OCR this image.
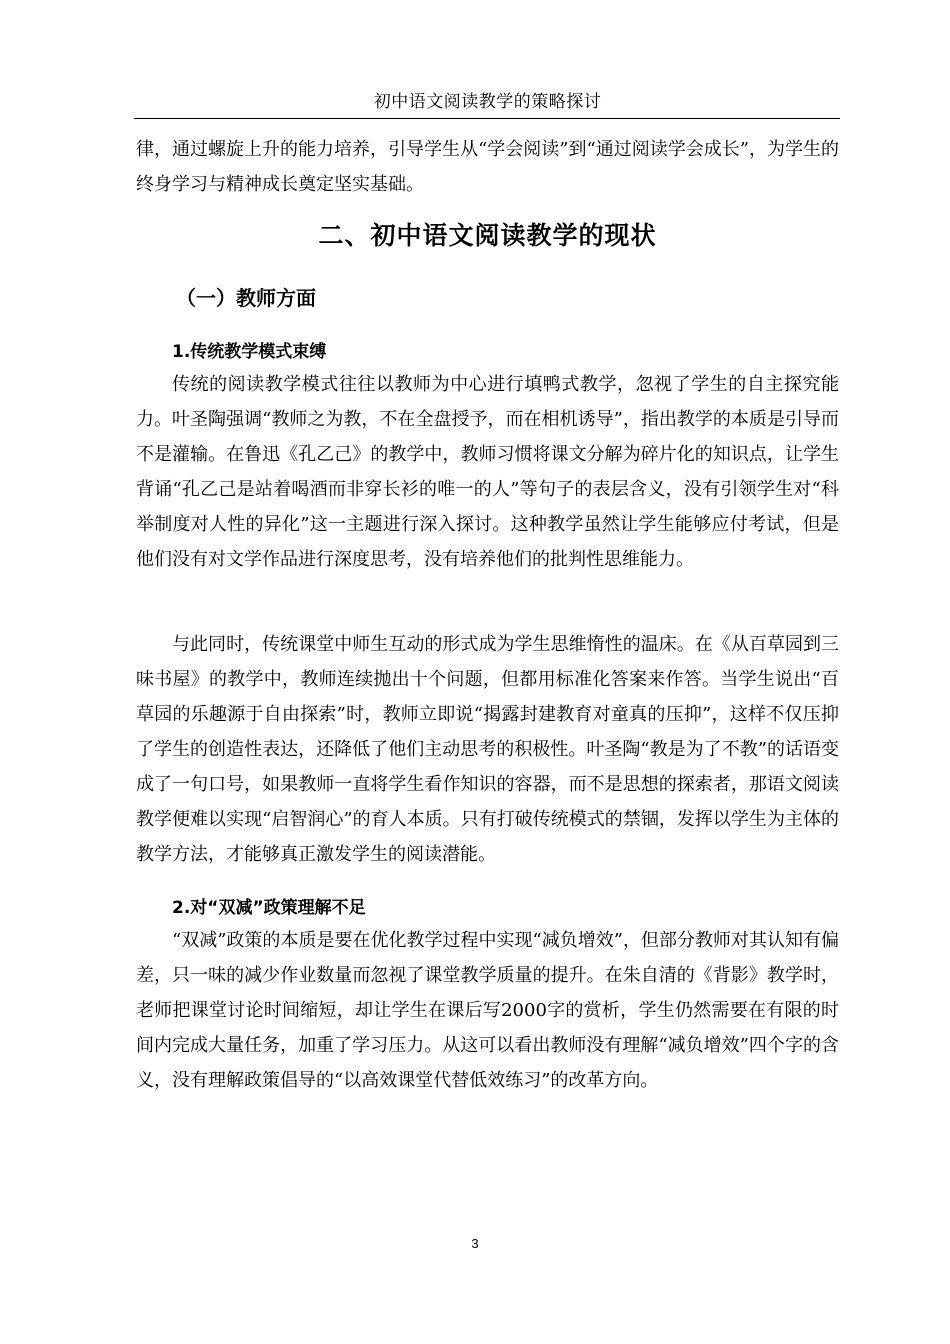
初中语文阅读教学的策略探讨

律，通过螺旋上升的能力培养，引导学生从“学会阅读”到“通过阅读学会成长”，为学生的终身学习与精神成长奠定坚实基础。

二、初中语文阅读教学的现状
（一）教师方面
1.传统教学模式束缚

传统的阅读教学模式往往以教师为中心进行填鸭式教学，忽视了学生的自主探究能力。叶圣陶强调“教师之为教，不在全盘授予，而在相机诱导”，指出教学的本质是引导而不是灌输。在鲁迅《孔乙己》的教学中，教师习惯将课文分解为碎片化的知识点，让学生背诵“孔乙己是站着喝酒而非穿长衫的唯一的人”等句子的表层含义，没有引领学生对“科举制度对人性的异化”这一主题进行深入探讨。这种教学虽然让学生能够应付考试，但是他们没有对文学作品进行深度思考，没有培养他们的批判性思维能力。

与此同时，传统课堂中师生互动的形式成为学生思维惰性的温床。在《从百草园到三味书屋》的教学中，教师连续抛出十个问题，但都用标准化答案来作答。当学生说出“百草园的乐趣源于自由探索”时，教师立即说“揭露封建教育对童真的压抑”，这样不仅压抑了学生的创造性表达，还降低了他们主动思考的积极性。叶圣陶“教是为了不教”的话语变成了一句口号，如果教师一直将学生看作知识的容器，而不是思想的探索者，那语文阅读教学便难以实现“启智润心”的育人本质。只有打破传统模式的禁锢，发挥以学生为主体的教学方法，才能够真正激发学生的阅读潜能。

2.对“双减”政策理解不足

“双减”政策的本质是要在优化教学过程中实现“减负增效”，但部分教师对其认知有偏差，只一味的减少作业数量而忽视了课堂教学质量的提升。在朱自清的《背影》教学时，老师把课堂讨论时间缩短，却让学生在课后写2000字的赏析，学生仍然需要在有限的时间内完成大量任务，加重了学习压力。从这可以看出教师没有理解“减负增效”四个字的含义，没有理解政策倡导的“以高效课堂代替低效练习”的改革方向。

3
